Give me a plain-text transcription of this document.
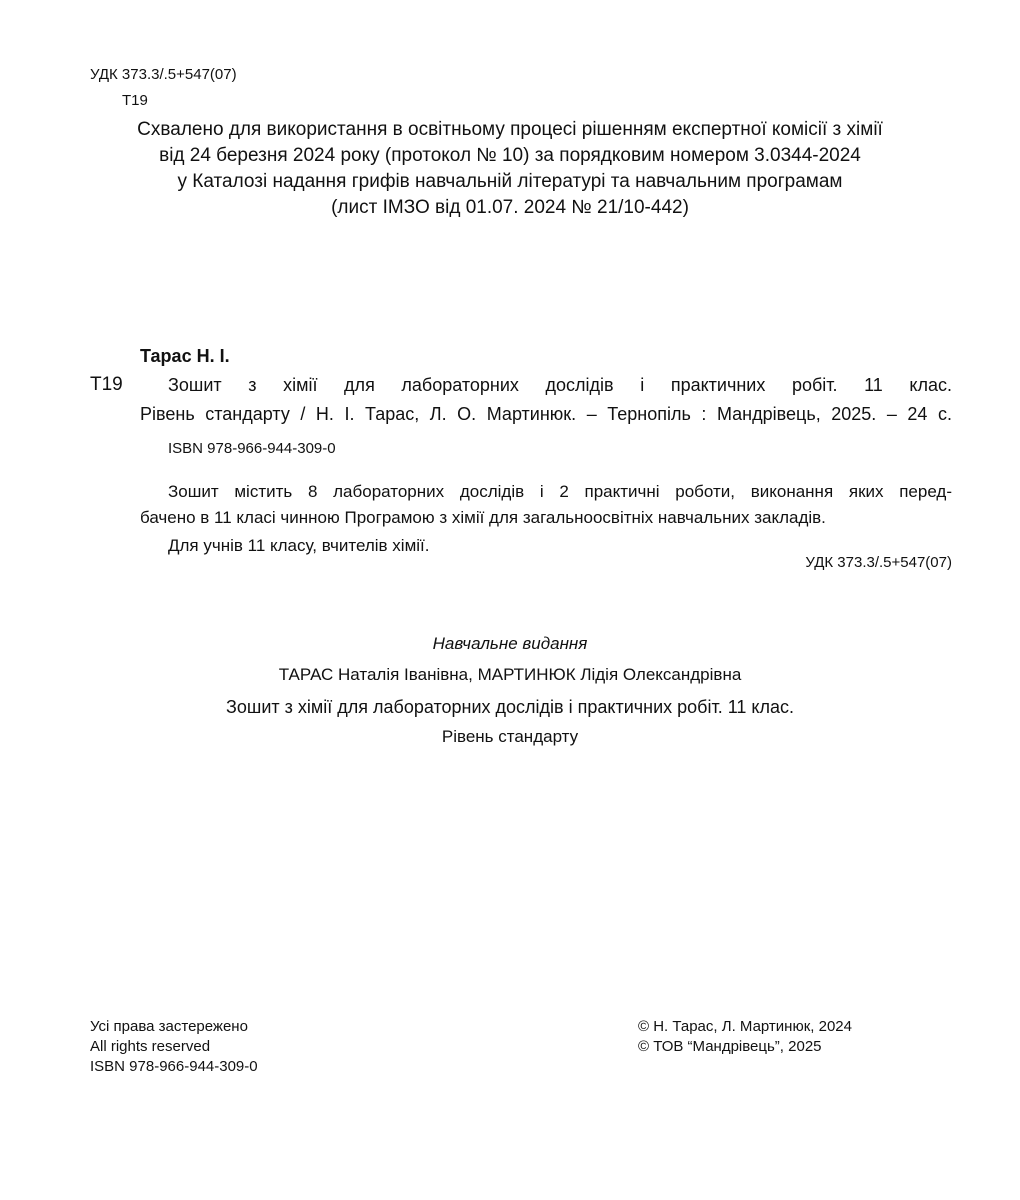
УДК 373.3/.5+547(07)
Т19
Схвалено для використання в освітньому процесі рішенням експертної комісії з хімії
від 24 березня 2024 року (протокол № 10) за порядковим номером 3.0344-2024
у Каталозі надання грифів навчальній літературі та навчальним програмам
(лист ІМЗО від 01.07. 2024 № 21/10-442)
Тарас Н. І.
Т19	Зошит з хімії для лабораторних дослідів і практичних робіт. 11 клас.
Рівень стандарту / Н. І. Тарас, Л. О. Мартинюк. – Тернопіль : Мандрівець, 2025. – 24 с.
ISBN 978-966-944-309-0
Зошит містить 8 лабораторних дослідів і 2 практичні роботи, виконання яких перед-
бачено в 11 класі чинною Програмою з хімії для загальноосвітніх навчальних закладів.
Для учнів 11 класу, вчителів хімії.
УДК 373.3/.5+547(07)
Навчальне видання
ТАРАС Наталія Іванівна, МАРТИНЮК Лідія Олександрівна
Зошит з хімії для лабораторних дослідів і практичних робіт. 11 клас.
Рівень стандарту
Усі права застережено
All rights reserved
ISBN 978-966-944-309-0
© Н. Тарас, Л. Мартинюк, 2024
© ТОВ “Мандрівець”, 2025
